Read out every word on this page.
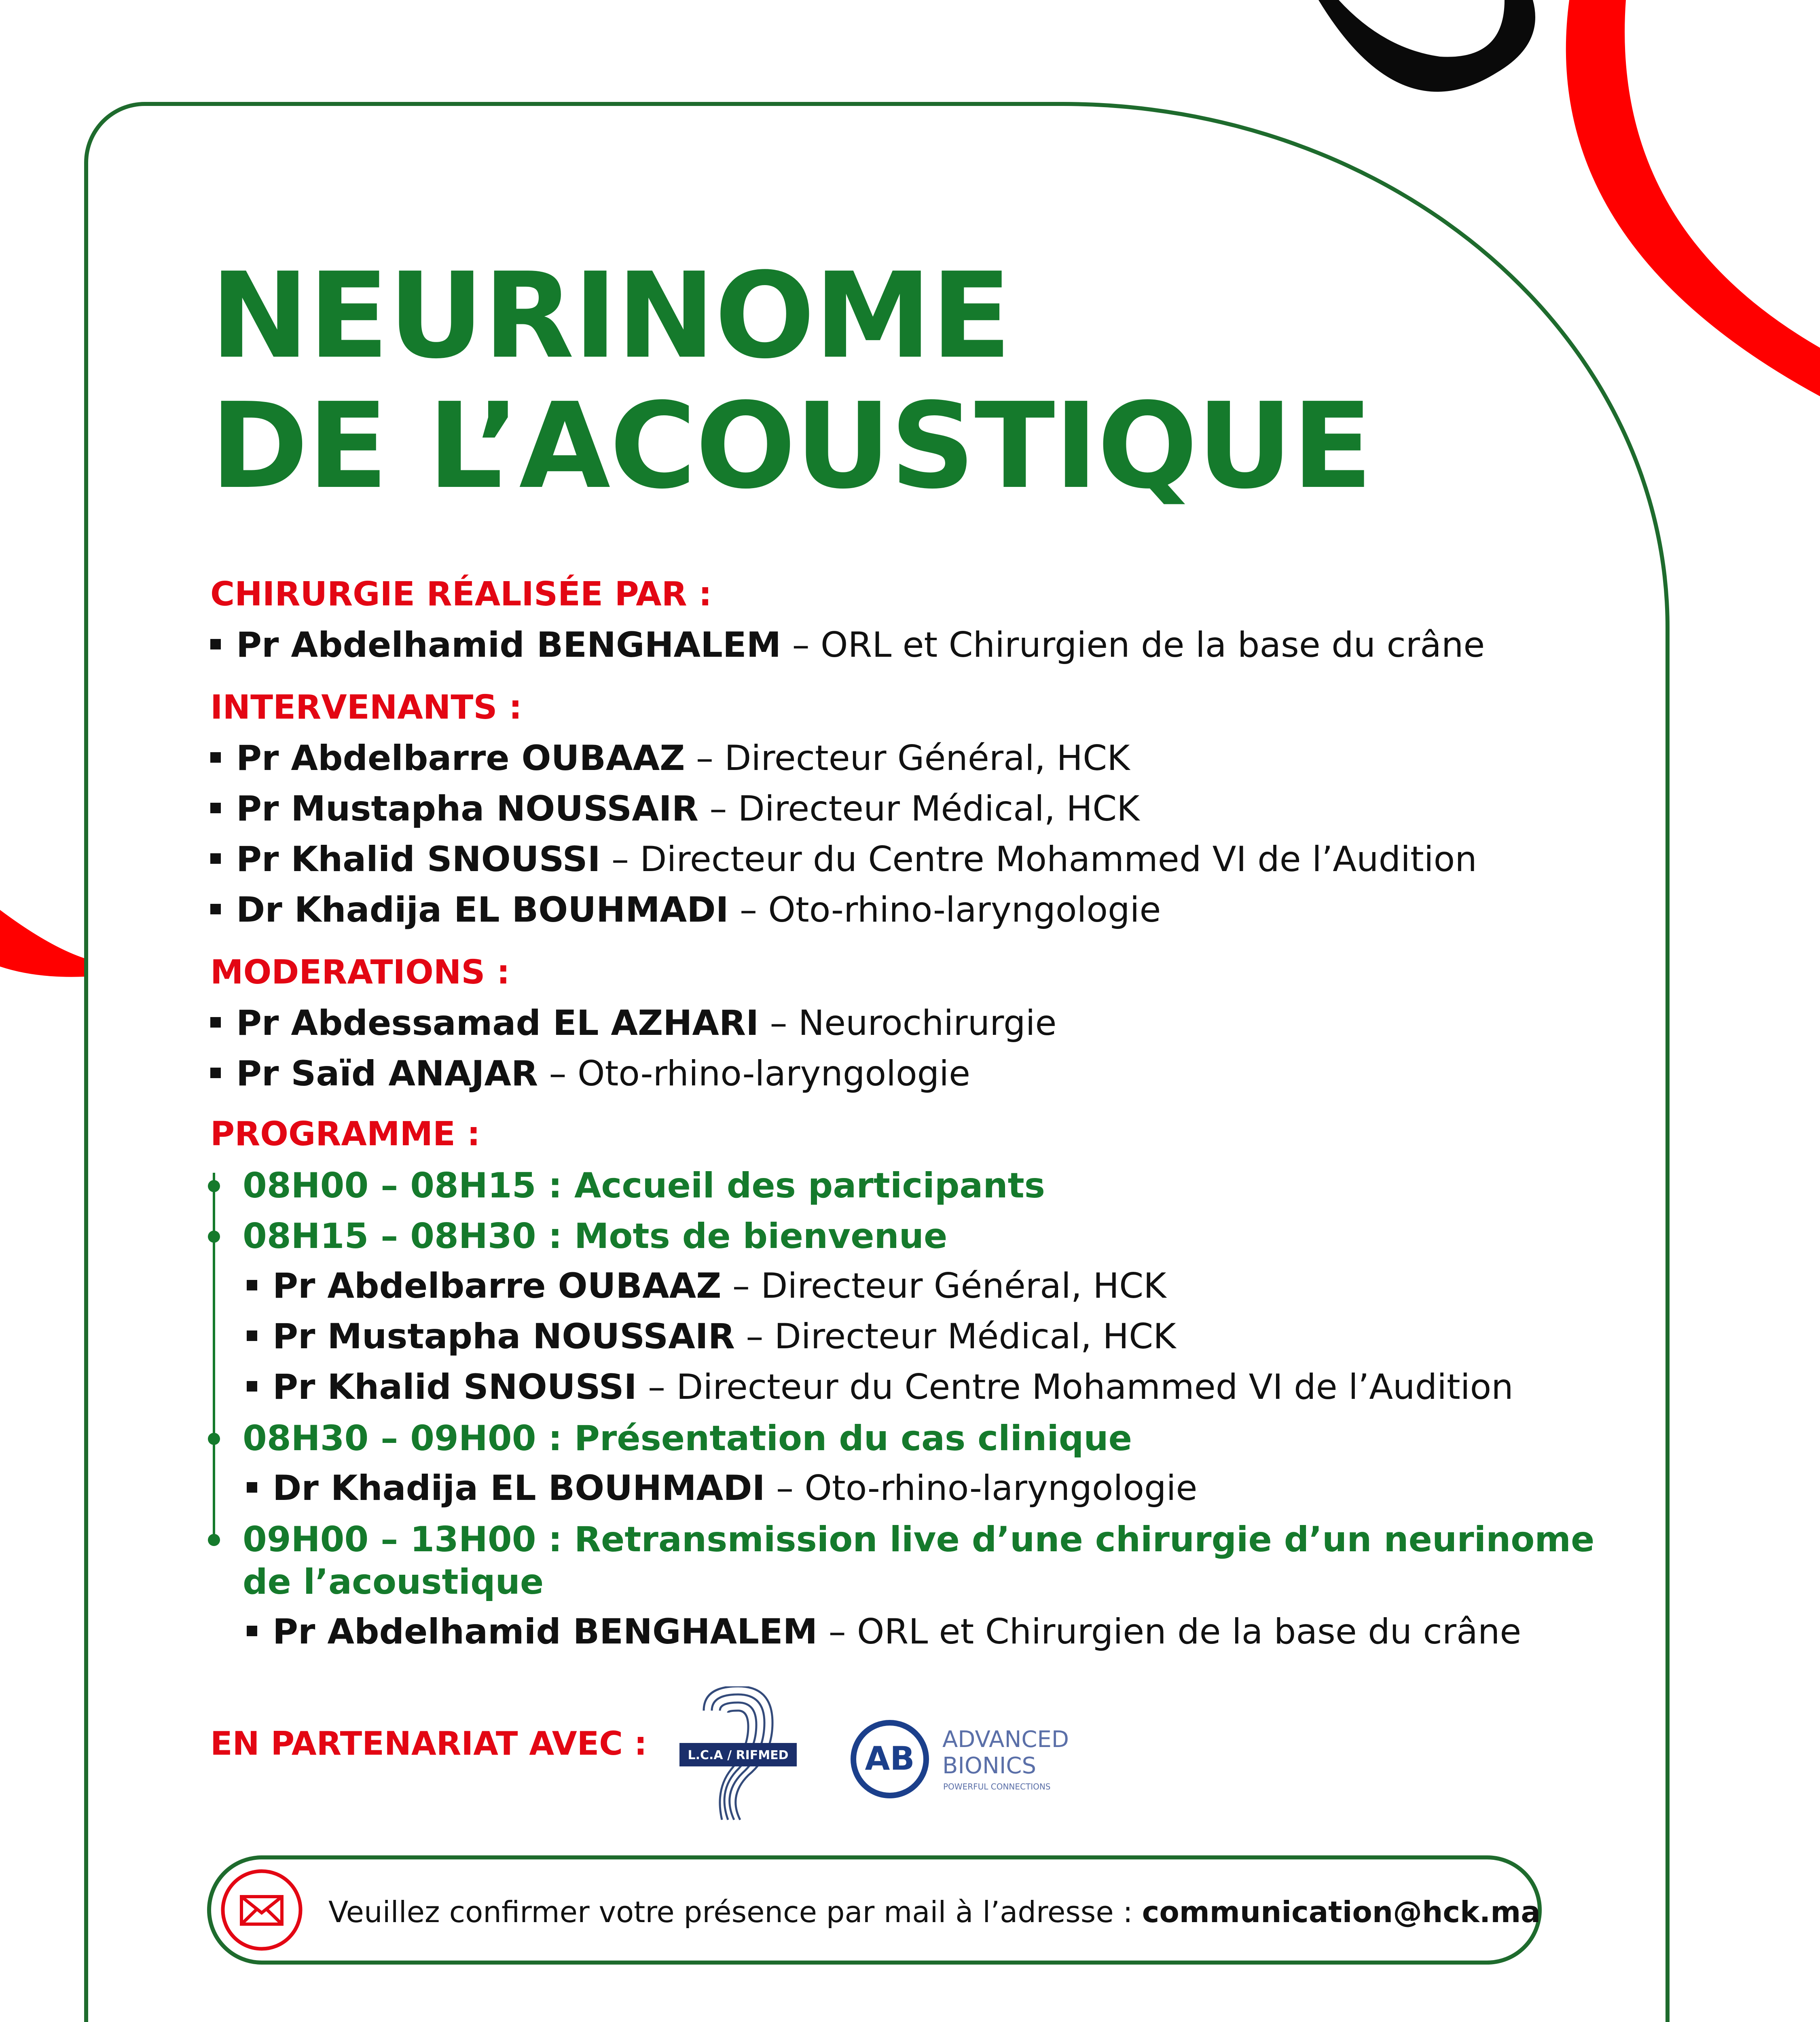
NEURINOME
DE L’ACOUSTIQUE
CHIRURGIE RÉALISÉE PAR :
Pr Abdelhamid BENGHALEM – ORL et Chirurgien de la base du crâne
INTERVENANTS :
Pr Abdelbarre OUBAAZ – Directeur Général, HCK
Pr Mustapha NOUSSAIR – Directeur Médical, HCK
Pr Khalid SNOUSSI – Directeur du Centre Mohammed VI de l’Audition
Dr Khadija EL BOUHMADI – Oto-rhino-laryngologie
MODERATIONS :
Pr Abdessamad EL AZHARI – Neurochirurgie
Pr Saïd ANAJAR – Oto-rhino-laryngologie
PROGRAMME :
08H00 – 08H15 : Accueil des participants
08H15 – 08H30 : Mots de bienvenue
Pr Abdelbarre OUBAAZ – Directeur Général, HCK
Pr Mustapha NOUSSAIR – Directeur Médical, HCK
Pr Khalid SNOUSSI – Directeur du Centre Mohammed VI de l’Audition
08H30 – 09H00 : Présentation du cas clinique
Dr Khadija EL BOUHMADI – Oto-rhino-laryngologie
09H00 – 13H00 : Retransmission live d’une chirurgie d’un neurinome
de l’acoustique
Pr Abdelhamid BENGHALEM – ORL et Chirurgien de la base du crâne
EN PARTENARIAT AVEC :	L.C.A / RIFMED AB
ADVANCED
BIONICS
POWERFUL CONNECTIONS
Veuillez confirmer votre présence par mail à l’adresse : communication@hck.ma
